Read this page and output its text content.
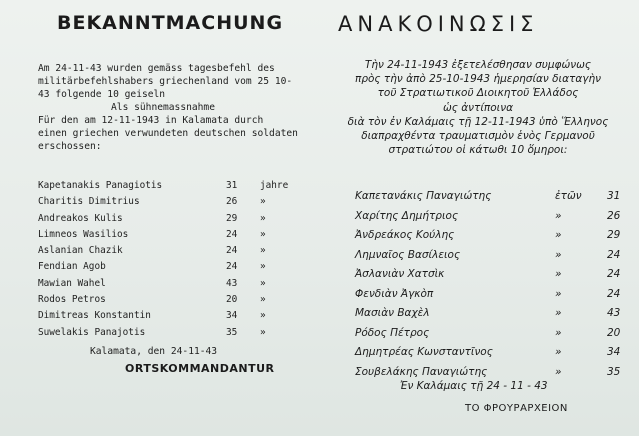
BEKANNTMACHUNG
Am 24-11-43 wurden gemäss tagesbefehl des
militärbefehlshabers griechenland vom 25 10-
43 folgende 10 geiseln
Als sühnemassnahme
Für den am 12-11-1943 in Kalamata durch
einen griechen verwundeten deutschen soldaten
erschossen:
Kapetanakis Panagiotis	31	jahre
Charitis Dimitrius	26	»
Andreakos Kulis	29	»
Limneos Wasilios	24	»
Aslanian Chazik	24	»
Fendian Agob	24	»
Mawian Wahel	43	»
Rodos Petros	20	»
Dimitreas Konstantin	34	»
Suwelakis Panajotis	35	»
Kalamata, den 24-11-43
ORTSKOMMANDANTUR
ΑΝΑΚΟΙΝΩΣΙΣ
Τὴν 24-11-1943 ἐξετελέσθησαν συμφώνως
πρὸς τὴν ἀπὸ 25-10-1943 ἡμερησίαν διαταγὴν
τοῦ Στρατιωτικοῦ Διοικητοῦ Ἑλλάδος
ὡς ἀντίποινα
διὰ τὸν ἐν Καλάμαις τῇ 12-11-1943 ὑπὸ Ἕλληνος
διαπραχθέντα τραυματισμὸν ἑνὸς Γερμανοῦ
στρατιώτου οἱ κάτωθι 10 ὅμηροι:
Καπετανάκις Παναγιώτης	ἐτῶν 31
Χαρίτης Δημήτριος	»	26
Ἀνδρεάκος Κούλης	»	29
Λημναῖος Βασίλειος	»	24
Ἀσλανιὰν Χατσὶκ	»	24
Φενδιὰν Ἀγκὸπ	»	24
Μασιὰν Βαχὲλ	»	43
Ρόδος Πέτρος	»	20
Δημητρέας Κωνσταντῖνος	»	34
Σουβελάκης Παναγιώτης	»	35
Ἐν Καλάμαις τῇ 24 - 11 - 43
ΤΟ ΦΡΟΥΡΑΡΧΕΙΟΝ
